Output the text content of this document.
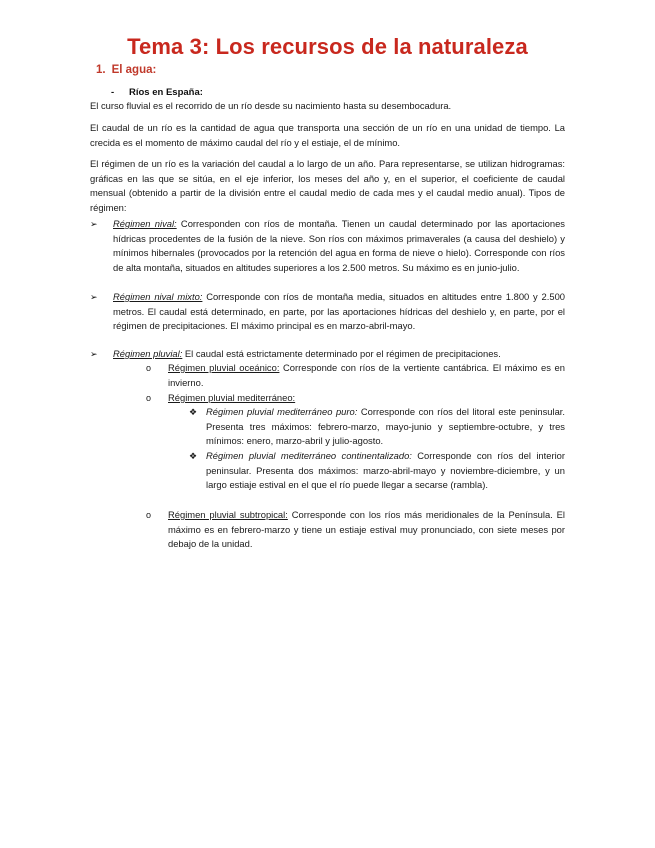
Tema 3: Los recursos de la naturaleza
1. El agua:
- Ríos en España:
El curso fluvial es el recorrido de un río desde su nacimiento hasta su desembocadura.
El caudal de un río es la cantidad de agua que transporta una sección de un río en una unidad de tiempo. La crecida es el momento de máximo caudal del río y el estiaje, el de mínimo.
El régimen de un río es la variación del caudal a lo largo de un año. Para representarse, se utilizan hidrogramas: gráficas en las que se sitúa, en el eje inferior, los meses del año y, en el superior, el coeficiente de caudal mensual (obtenido a partir de la división entre el caudal medio de cada mes y el caudal medio anual). Tipos de régimen:
➢	Régimen nival: Corresponden con ríos de montaña. Tienen un caudal determinado por las aportaciones hídricas procedentes de la fusión de la nieve. Son ríos con máximos primaverales (a causa del deshielo) y mínimos hibernales (provocados por la retención del agua en forma de nieve o hielo). Corresponde con ríos de alta montaña, situados en altitudes superiores a los 2.500 metros. Su máximo es en junio-julio.
➢	Régimen nival mixto: Corresponde con ríos de montaña media, situados en altitudes entre 1.800 y 2.500 metros. El caudal está determinado, en parte, por las aportaciones hídricas del deshielo y, en parte, por el régimen de precipitaciones. El máximo principal es en marzo-abril-mayo.
➢	Régimen pluvial: El caudal está estrictamente determinado por el régimen de precipitaciones.
o Régimen pluvial oceánico: Corresponde con ríos de la vertiente cantábrica. El máximo es en invierno.
o Régimen pluvial mediterráneo:
❖ Régimen pluvial mediterráneo puro: Corresponde con ríos del litoral este peninsular. Presenta tres máximos: febrero-marzo, mayo-junio y septiembre-octubre, y tres mínimos: enero, marzo-abril y julio-agosto.
❖ Régimen pluvial mediterráneo continentalizado: Corresponde con ríos del interior peninsular. Presenta dos máximos: marzo-abril-mayo y noviembre-diciembre, y un largo estiaje estival en el que el río puede llegar a secarse (rambla).
o Régimen pluvial subtropical: Corresponde con los ríos más meridionales de la Península. El máximo es en febrero-marzo y tiene un estiaje estival muy pronunciado, con siete meses por debajo de la unidad.
